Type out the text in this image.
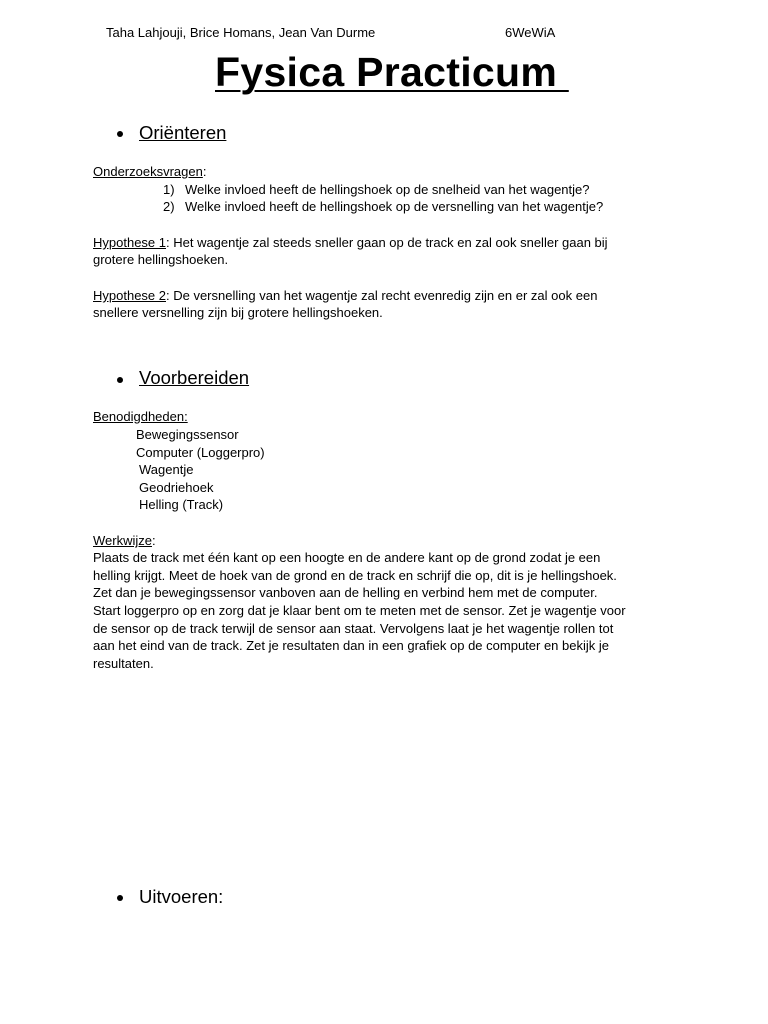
Taha Lahjouji, Brice Homans, Jean Van Durme	6WeWiA
Fysica Practicum
Oriënteren
Onderzoeksvragen:
1) Welke invloed heeft de hellingshoek op de snelheid van het wagentje?
2) Welke invloed heeft de hellingshoek op de versnelling van het wagentje?
Hypothese 1: Het wagentje zal steeds sneller gaan op de track en zal ook sneller gaan bij
grotere hellingshoeken.
Hypothese 2: De versnelling van het wagentje zal recht evenredig zijn en er zal ook een
snellere versnelling zijn bij grotere hellingshoeken.
Voorbereiden
Benodigdheden:
Bewegingssensor
Computer (Loggerpro)
Wagentje
Geodriehoek
Helling (Track)
Werkwijze:
Plaats de track met één kant op een hoogte en de andere kant op de grond zodat je een
helling krijgt. Meet de hoek van de grond en de track en schrijf die op, dit is je hellingshoek.
Zet dan je bewegingssensor vanboven aan de helling en verbind hem met de computer.
Start loggerpro op en zorg dat je klaar bent om te meten met de sensor. Zet je wagentje voor
de sensor op de track terwijl de sensor aan staat. Vervolgens laat je het wagentje rollen tot
aan het eind van de track. Zet je resultaten dan in een grafiek op de computer en bekijk je
resultaten.
Uitvoeren:
